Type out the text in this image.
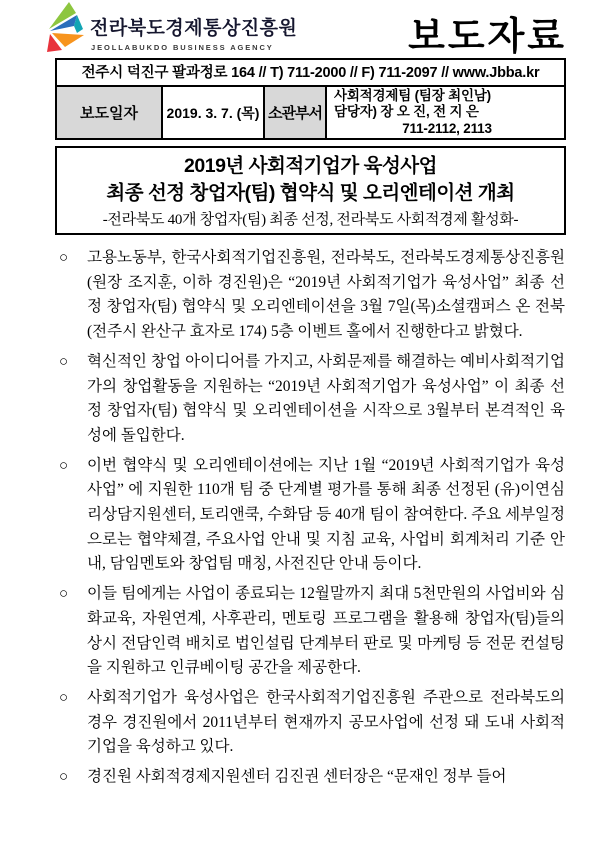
전라북도경제통상진흥원
JEOLLABUKDO BUSINESS AGENCY	보도자료
전주시 덕진구 팔과정로 164 // T) 711-2000 // F) 711-2097 // www.Jbba.kr
보도일자	2019. 3. 7. (목) 소관부서
사회적경제팀 (팀장 최인남)
담당자) 장 오 진, 전 지 은
711-2112, 2113
2019년 사회적기업가 육성사업
최종 선정 창업자(팀) 협약식 및 오리엔테이션 개최
-전라북도 40개 창업자(팀) 최종 선정, 전라북도 사회적경제 활성화-
○ 고용노동부, 한국사회적기업진흥원, 전라북도, 전라북도경제통상진흥원(원장 조지훈, 이하 경진원)은 “2019년 사회적기업가 육성사업” 최종 선정 창업자(팀) 협약식 및 오리엔테이션을 3월 7일(목)소셜캠퍼스 온 전북(전주시 완산구 효자로 174) 5층 이벤트 홀에서 진행한다고 밝혔다.
○ 혁신적인 창업 아이디어를 가지고, 사회문제를 해결하는 예비사회적기업가의 창업활동을 지원하는 “2019년 사회적기업가 육성사업” 이 최종 선정 창업자(팀) 협약식 및 오리엔테이션을 시작으로 3월부터 본격적인 육성에 돌입한다.
○ 이번 협약식 및 오리엔테이션에는 지난 1월 “2019년 사회적기업가 육성사업” 에 지원한 110개 팀 중 단계별 평가를 통해 최종 선정된 (유)이연심리상담지원센터, 토리앤쿡, 수화담 등 40개 팀이 참여한다. 주요 세부일정으로는 협약체결, 주요사업 안내 및 지침 교육, 사업비 회계처리 기준 안내, 담임멘토와 창업팀 매칭, 사전진단 안내 등이다.
○ 이들 팀에게는 사업이 종료되는 12월말까지 최대 5천만원의 사업비와 심화교육, 자원연계, 사후관리, 멘토링 프로그램을 활용해 창업자(팀)들의 상시 전담인력 배치로 법인설립 단계부터 판로 및 마케팅 등 전문 컨설팅을 지원하고 인큐베이팅 공간을 제공한다.
○ 사회적기업가 육성사업은 한국사회적기업진흥원 주관으로 전라북도의 경우 경진원에서 2011년부터 현재까지 공모사업에 선정 돼 도내 사회적기업을 육성하고 있다.
○ 경진원 사회적경제지원센터 김진권 센터장은 “문재인 정부 들어
